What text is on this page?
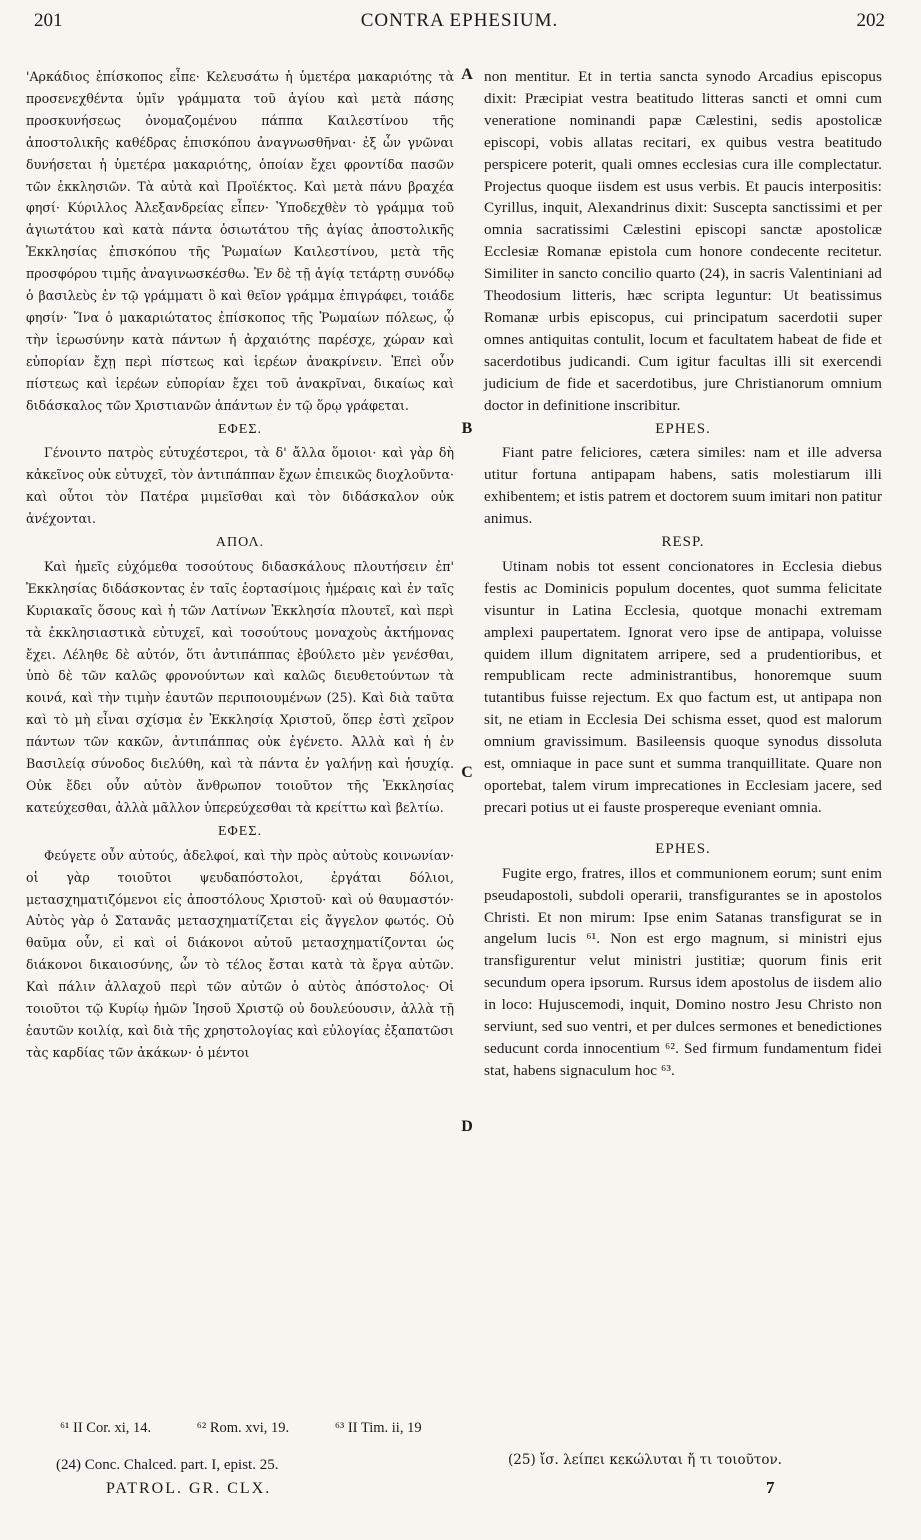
201	CONTRA EPHESIUM.	202

'Αρκάδιος ἐπίσκοπος εἶπε· Κελευσάτω ἡ ὑμετέρα μακαριότης τὰ προσενεχθέντα ὑμῖν γράμματα τοῦ ἁγίου καὶ μετὰ πάσης προσκυνήσεως ὀνομαζομένου πάππα Καιλεστίνου τῆς ἀποστολικῆς καθέδρας ἐπισκόπου ἀναγνωσθῆναι· ἐξ ὧν γνῶναι δυνήσεται ἡ ὑμετέρα μακαριότης, ὁποίαν ἔχει φροντίδα πασῶν τῶν ἐκκλησιῶν. Τὰ αὐτὰ καὶ Προϊέκτος. Καὶ μετὰ πάνυ βραχέα φησί· Κύριλλος Ἀλεξανδρείας εἶπεν· Ὑποδεχθὲν τὸ γράμμα τοῦ ἁγιωτάτου καὶ κατὰ πάντα ὁσιωτάτου τῆς ἁγίας ἀποστολικῆς Ἐκκλησίας ἐπισκόπου τῆς Ῥωμαίων Καιλεστίνου, μετὰ τῆς προσφόρου τιμῆς ἀναγινωσκέσθω. Ἐν δὲ τῇ ἁγίᾳ τετάρτῃ συνόδῳ ὁ βασιλεὺς ἐν τῷ γράμματι ὃ καὶ θεῖον γράμμα ἐπιγράφει, τοιάδε φησίν· Ἵνα ὁ μακαριώτατος ἐπίσκοπος τῆς Ῥωμαίων πόλεως, ᾧ τὴν ἱερωσύνην κατὰ πάντων ἡ ἀρχαιότης παρέσχε, χώραν καὶ εὐπορίαν ἔχῃ περὶ πίστεως καὶ ἱερέων ἀνακρίνειν. Ἐπεὶ οὖν πίστεως καὶ ἱερέων εὐπορίαν ἔχει τοῦ ἀνακρῖναι, δικαίως καὶ διδάσκαλος τῶν Χριστιανῶν ἁπάντων ἐν τῷ ὅρῳ γράφεται.

ΕΦΕΣ.

Γένοιντο πατρὸς εὐτυχέστεροι, τὰ δ' ἄλλα ὅμοιοι· καὶ γὰρ δὴ κἀκεῖνος οὐκ εὐτυχεῖ, τὸν ἀντιπάππαν ἔχων ἐπιεικῶς διοχλοῦντα· καὶ οὗτοι τὸν Πατέρα μιμεῖσθαι καὶ τὸν διδάσκαλον οὐκ ἀνέχονται.

ΑΠΟΛ.

Καὶ ἡμεῖς εὐχόμεθα τοσούτους διδασκάλους πλουτήσειν ἐπ' Ἐκκλησίας διδάσκοντας ἐν ταῖς ἑορτασίμοις ἡμέραις καὶ ἐν ταῖς Κυριακαῖς ὅσους καὶ ἡ τῶν Λατίνων Ἐκκλησία πλουτεῖ, καὶ περὶ τὰ ἐκκλησιαστικὰ εὐτυχεῖ, καὶ τοσούτους μοναχοὺς ἀκτήμονας ἔχει. Λέληθε δὲ αὐτόν, ὅτι ἀντιπάππας ἐβούλετο μὲν γενέσθαι, ὑπὸ δὲ τῶν καλῶς φρονούντων καὶ καλῶς διευθετούντων τὰ κοινά, καὶ τὴν τιμὴν ἑαυτῶν περιποιουμένων (25). Καὶ διὰ ταῦτα καὶ τὸ μὴ εἶναι σχίσμα ἐν Ἐκκλησίᾳ Χριστοῦ, ὅπερ ἐστὶ χεῖρον πάντων τῶν κακῶν, ἀντιπάππας οὐκ ἐγένετο. Ἀλλὰ καὶ ἡ ἐν Βασιλείᾳ σύνοδος διελύθη, καὶ τὰ πάντα ἐν γαλήνῃ καὶ ἡσυχίᾳ. Οὐκ ἔδει οὖν αὐτὸν ἄνθρωπον τοιοῦτον τῆς Ἐκκλησίας κατεύχεσθαι, ἀλλὰ μᾶλλον ὑπερεύχεσθαι τὰ κρείττω καὶ βελτίω.

ΕΦΕΣ.

Φεύγετε οὖν αὐτούς, ἀδελφοί, καὶ τὴν πρὸς αὐτοὺς κοινωνίαν· οἱ γὰρ τοιοῦτοι ψευδαπόστολοι, ἐργάται δόλιοι, μετασχηματιζόμενοι εἰς ἀποστόλους Χριστοῦ· καὶ οὐ θαυμαστόν· Αὐτὸς γὰρ ὁ Σατανᾶς μετασχηματίζεται εἰς ἄγγελον φωτός. Οὐ θαῦμα οὖν, εἰ καὶ οἱ διάκονοι αὐτοῦ μετασχηματίζονται ὡς διάκονοι δικαιοσύνης, ὧν τὸ τέλος ἔσται κατὰ τὰ ἔργα αὐτῶν. Καὶ πάλιν ἀλλαχοῦ περὶ τῶν αὐτῶν ὁ αὐτὸς ἀπόστολος· Οἱ τοιοῦτοι τῷ Κυρίῳ ἡμῶν Ἰησοῦ Χριστῷ οὐ δουλεύουσιν, ἀλλὰ τῇ ἑαυτῶν κοιλίᾳ, καὶ διὰ τῆς χρηστολογίας καὶ εὐλογίας ἐξαπατῶσι τὰς καρδίας τῶν ἀκάκων· ὁ μέντοι

A
B
C
D

non mentitur. Et in tertia sancta synodo Arcadius episcopus dixit: Præcipiat vestra beatitudo litteras sancti et omni cum veneratione nominandi papæ Cælestini, sedis apostolicæ episcopi, vobis allatas recitari, ex quibus vestra beatitudo perspicere poterit, quali omnes ecclesias cura ille complectatur. Projectus quoque iisdem est usus verbis. Et paucis interpositis: Cyrillus, inquit, Alexandrinus dixit: Suscepta sanctissimi et per omnia sacratissimi Cælestini episcopi sanctæ apostolicæ Ecclesiæ Romanæ epistola cum honore condecente recitetur. Similiter in sancto concilio quarto (24), in sacris Valentiniani ad Theodosium litteris, hæc scripta leguntur: Ut beatissimus Romanæ urbis episcopus, cui principatum sacerdotii super omnes antiquitas contulit, locum et facultatem habeat de fide et sacerdotibus judicandi. Cum igitur facultas illi sit exercendi judicium de fide et sacerdotibus, jure Christianorum omnium doctor in definitione inscribitur.

EPHES.

Fiant patre feliciores, cætera similes: nam et ille adversa utitur fortuna antipapam habens, satis molestiarum illi exhibentem; et istis patrem et doctorem suum imitari non patitur animus.

RESP.

Utinam nobis tot essent concionatores in Ecclesia diebus festis ac Dominicis populum docentes, quot summa felicitate visuntur in Latina Ecclesia, quotque monachi extremam amplexi paupertatem. Ignorat vero ipse de antipapa, voluisse quidem illum dignitatem arripere, sed a prudentioribus, et rempublicam recte administrantibus, honoremque suum tutantibus fuisse rejectum. Ex quo factum est, ut antipapa non sit, ne etiam in Ecclesia Dei schisma esset, quod est malorum omnium gravissimum. Basileensis quoque synodus dissoluta est, omniaque in pace sunt et summa tranquillitate. Quare non oportebat, talem virum imprecationes in Ecclesiam jacere, sed precari potius ut ei fauste prospereque eveniant omnia.

EPHES.

Fugite ergo, fratres, illos et communionem eorum; sunt enim pseudapostoli, subdoli operarii, transfigurantes se in apostolos Christi. Et non mirum: Ipse enim Satanas transfigurat se in angelum lucis ⁶¹. Non est ergo magnum, si ministri ejus transfigurentur velut ministri justitiæ; quorum finis erit secundum opera ipsorum. Rursus idem apostolus de iisdem alio in loco: Hujuscemodi, inquit, Domino nostro Jesu Christo non serviunt, sed suo ventri, et per dulces sermones et benedictiones seducunt corda innocentium ⁶². Sed firmum fundamentum fidei stat, habens signaculum hoc ⁶³.

⁶¹ II Cor. xi, 14.	⁶² Rom. xvi, 19.	⁶³ II Tim. ii, 19
(24) Conc. Chalced. part. I, epist. 25.	(25) ἴσ. λείπει κεκώλυται ἤ τι τοιοῦτον.
PATROL. GR. CLX.	7
